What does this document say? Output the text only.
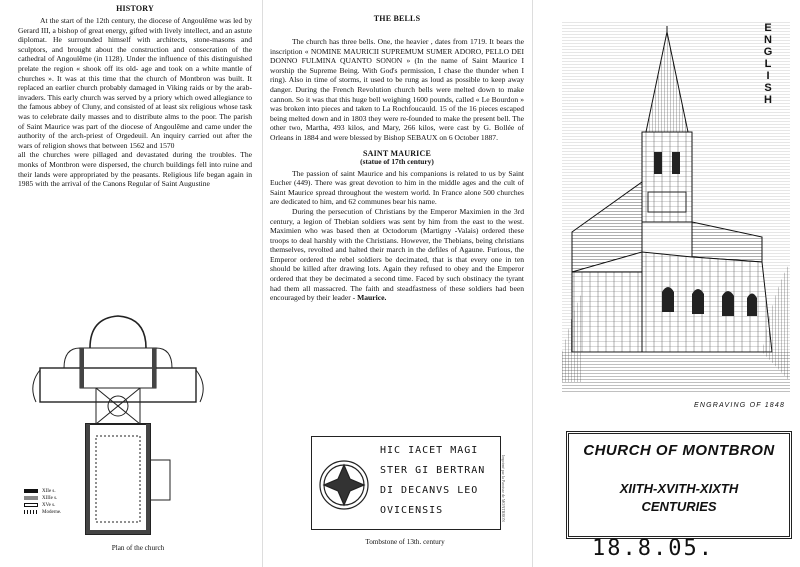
HISTORY

At the start of the 12th century, the diocese of Angoulême was led by Gerard III, a bishop of great energy, gifted with lively intellect, and an astute diplomat. He surrounded himself with architects, stone-masons and sculptors, and brought about the construction and consecration of the cathedral of Angoulême (in 1128). Under the influence of this distinguished prelate the region « shook off its old- age and took on a white mantle of churches ». It was at this time that the church of Montbron was built. It replaced an earlier church probably damaged in Viking raids or by the arab-invaders. This early church was served by a priory which owed allegiance to the famous abbey of Cluny, and consisted of at least six religious whose task was to celebrate daily masses and to distribute alms to the poor. The parish of Saint Maurice was part of the diocese of Angoulême and came under the authority of the arch-priest of Orgedeuil. An inquiry carried out after the wars of religion shows that between 1562 and 1570

all the churches were pillaged and devastated during the troubles. The monks of Montbron were dispersed, the church buildings fell into ruine and their lands were appropriated by the peasants. Religious life began again in 1985 with the arrival of the Canons Regular of Saint Augustine

XIIe s.
XIIIe s.
XVe s.
Moderne.
Plan of the church
THE BELLS

The church has three bells. One, the heavier , dates from 1719. It bears the inscription « NOMINE MAURICII SUPREMUM SUMER ADORO, PELLO DEI DONNO FULMINA QUANTO SONON » (In the name of Saint Maurice I worship the Supreme Being. With God's permission, I chase the thunder when I ring). Also in time of storms, it used to be rung as loud as possible to keep away danger. During the French Revolution church bells were melted down to make cannon. So it was that this huge bell weighing 1600 pounds, called « Le Bourdon » was broken into pieces and taken to La Rochfoucauld. 15 of the 16 pieces escaped being melted down and in 1803 they were re-founded to make the present bell. The other two, Martha, 493 kilos, and Mary, 266 kilos, were cast by G. Bollée of Orleans in 1884 and were blessed by Bishop SEBAUX on 6 October 1887.

SAINT MAURICE
(statue of 17th century)

The passion of saint Maurice and his companions is related to us by Saint Eucher (449). There was great devotion to him in the middle ages and the cult of Saint Maurice spread throughout the western world. In France alone 500 churches are dedicated to him, and 62 communes bear his name.

During the persecution of Christians by the Emperor Maximien in the 3rd century, a legion of Thebian soldiers was sent by him from the east to the west. Maximien who was based then at Octodorum (Martigny -Valais) ordered these troops to deal harshly with the Christians. However, the Thebians, being christians themselves, revolted and halted their march in the defiles of Agaune. Furious, the Emperor ordered the rebel soldiers be decimated, that is that every one in ten should be killed after drawing lots. Again they refused to obey and the Emperor ordered that they be decimated a second time. Faced by such obstinacy the tyrant had them all massacred. The faith and steadfastness of these soldiers had been encouraged by their leader - Maurice.

HIC IACET MAGI
STER GI BERTRAN
DI DECANVS LEO
OVICENSIS
Tombstone of 13th. century
Imprimé par la Paroisse de MONTBRON
E
N
G
L
I
S
H
ENGRAVING OF 1848
CHURCH OF MONTBRON
XIITH-XVITH-XIXTH
CENTURIES
18.8.05.
